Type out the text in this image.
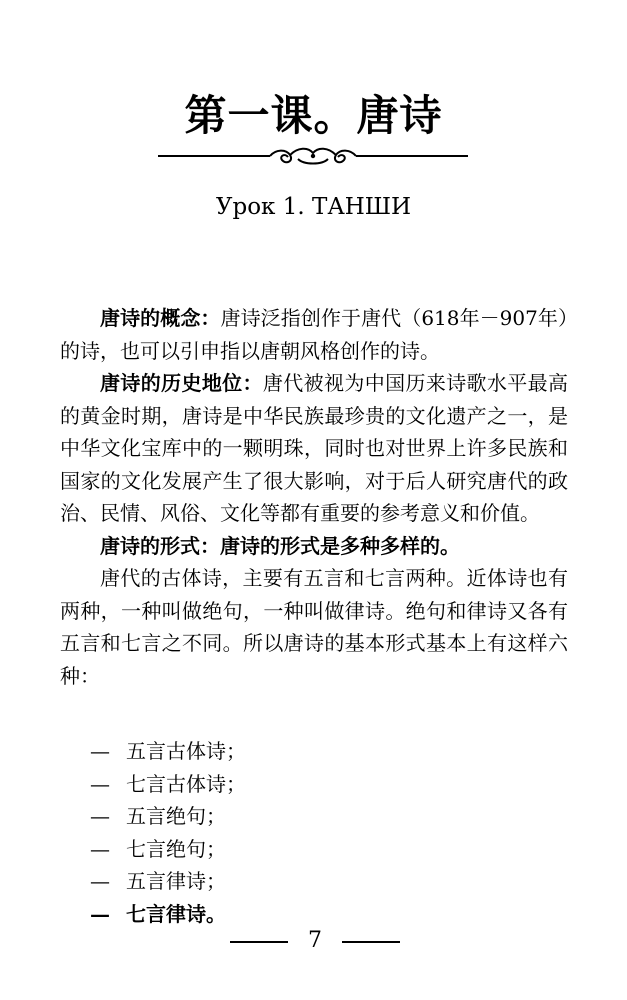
第一课。唐诗
Урок 1. ТАНШИ

唐诗的概念：唐诗泛指创作于唐代（618年－907年）的诗，也可以引申指以唐朝风格创作的诗。

唐诗的历史地位：唐代被视为中国历来诗歌水平最高的黄金时期，唐诗是中华民族最珍贵的文化遗产之一，是中华文化宝库中的一颗明珠，同时也对世界上许多民族和国家的文化发展产生了很大影响，对于后人研究唐代的政治、民情、风俗、文化等都有重要的参考意义和价值。

唐诗的形式：唐诗的形式是多种多样的。

唐代的古体诗，主要有五言和七言两种。近体诗也有两种，一种叫做绝句，一种叫做律诗。绝句和律诗又各有五言和七言之不同。所以唐诗的基本形式基本上有这样六种：

— 五言古体诗；
— 七言古体诗；
— 五言绝句；
— 七言绝句；
— 五言律诗；
— 七言律诗。
7
